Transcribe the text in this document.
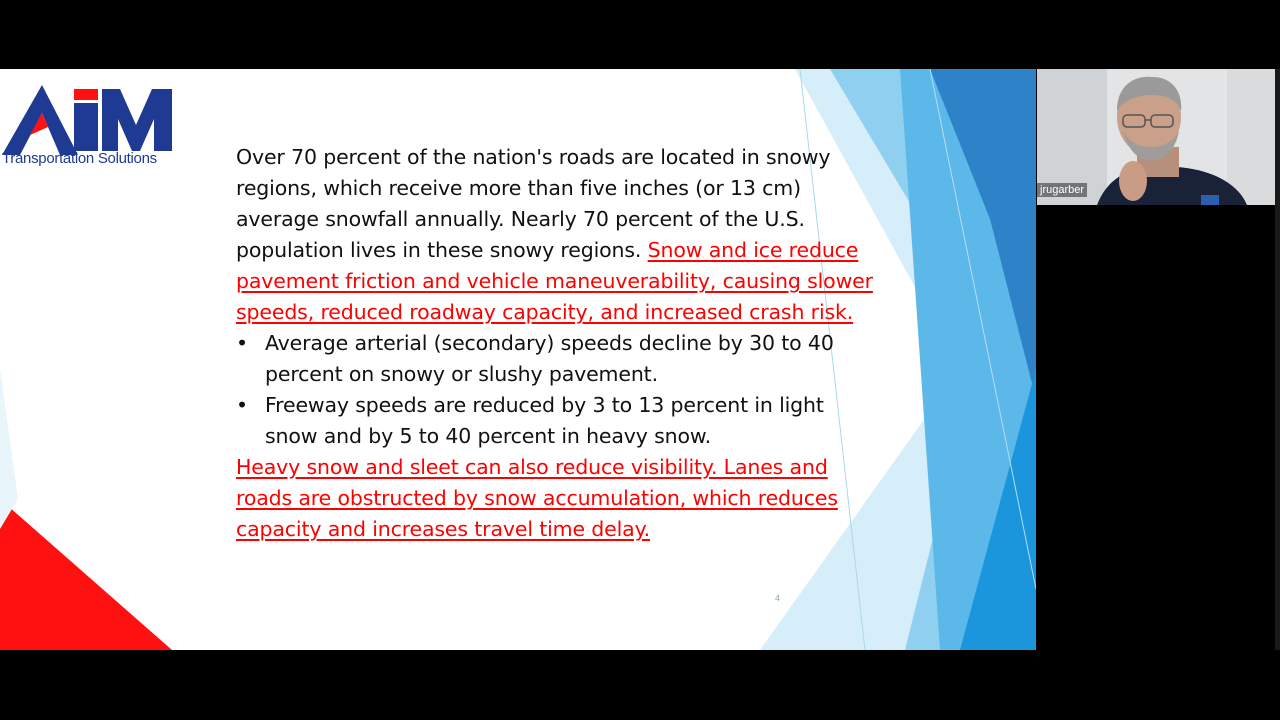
Transportation Solutions	Over 70 percent of the nation's roads are located in snowy regions, which receive more than five inches (or 13 cm) average snowfall annually. Nearly 70 percent of the U.S. population lives in these snowy regions. Snow and ice reduce pavement friction and vehicle maneuverability, causing slower speeds, reduced roadway capacity, and increased crash risk.

• Average arterial (secondary) speeds decline by 30 to 40 percent on snowy or slushy pavement.
• Freeway speeds are reduced by 3 to 13 percent in light snow and by 5 to 40 percent in heavy snow.

Heavy snow and sleet can also reduce visibility. Lanes and roads are obstructed by snow accumulation, which reduces capacity and increases travel time delay.

4
jrugarber
